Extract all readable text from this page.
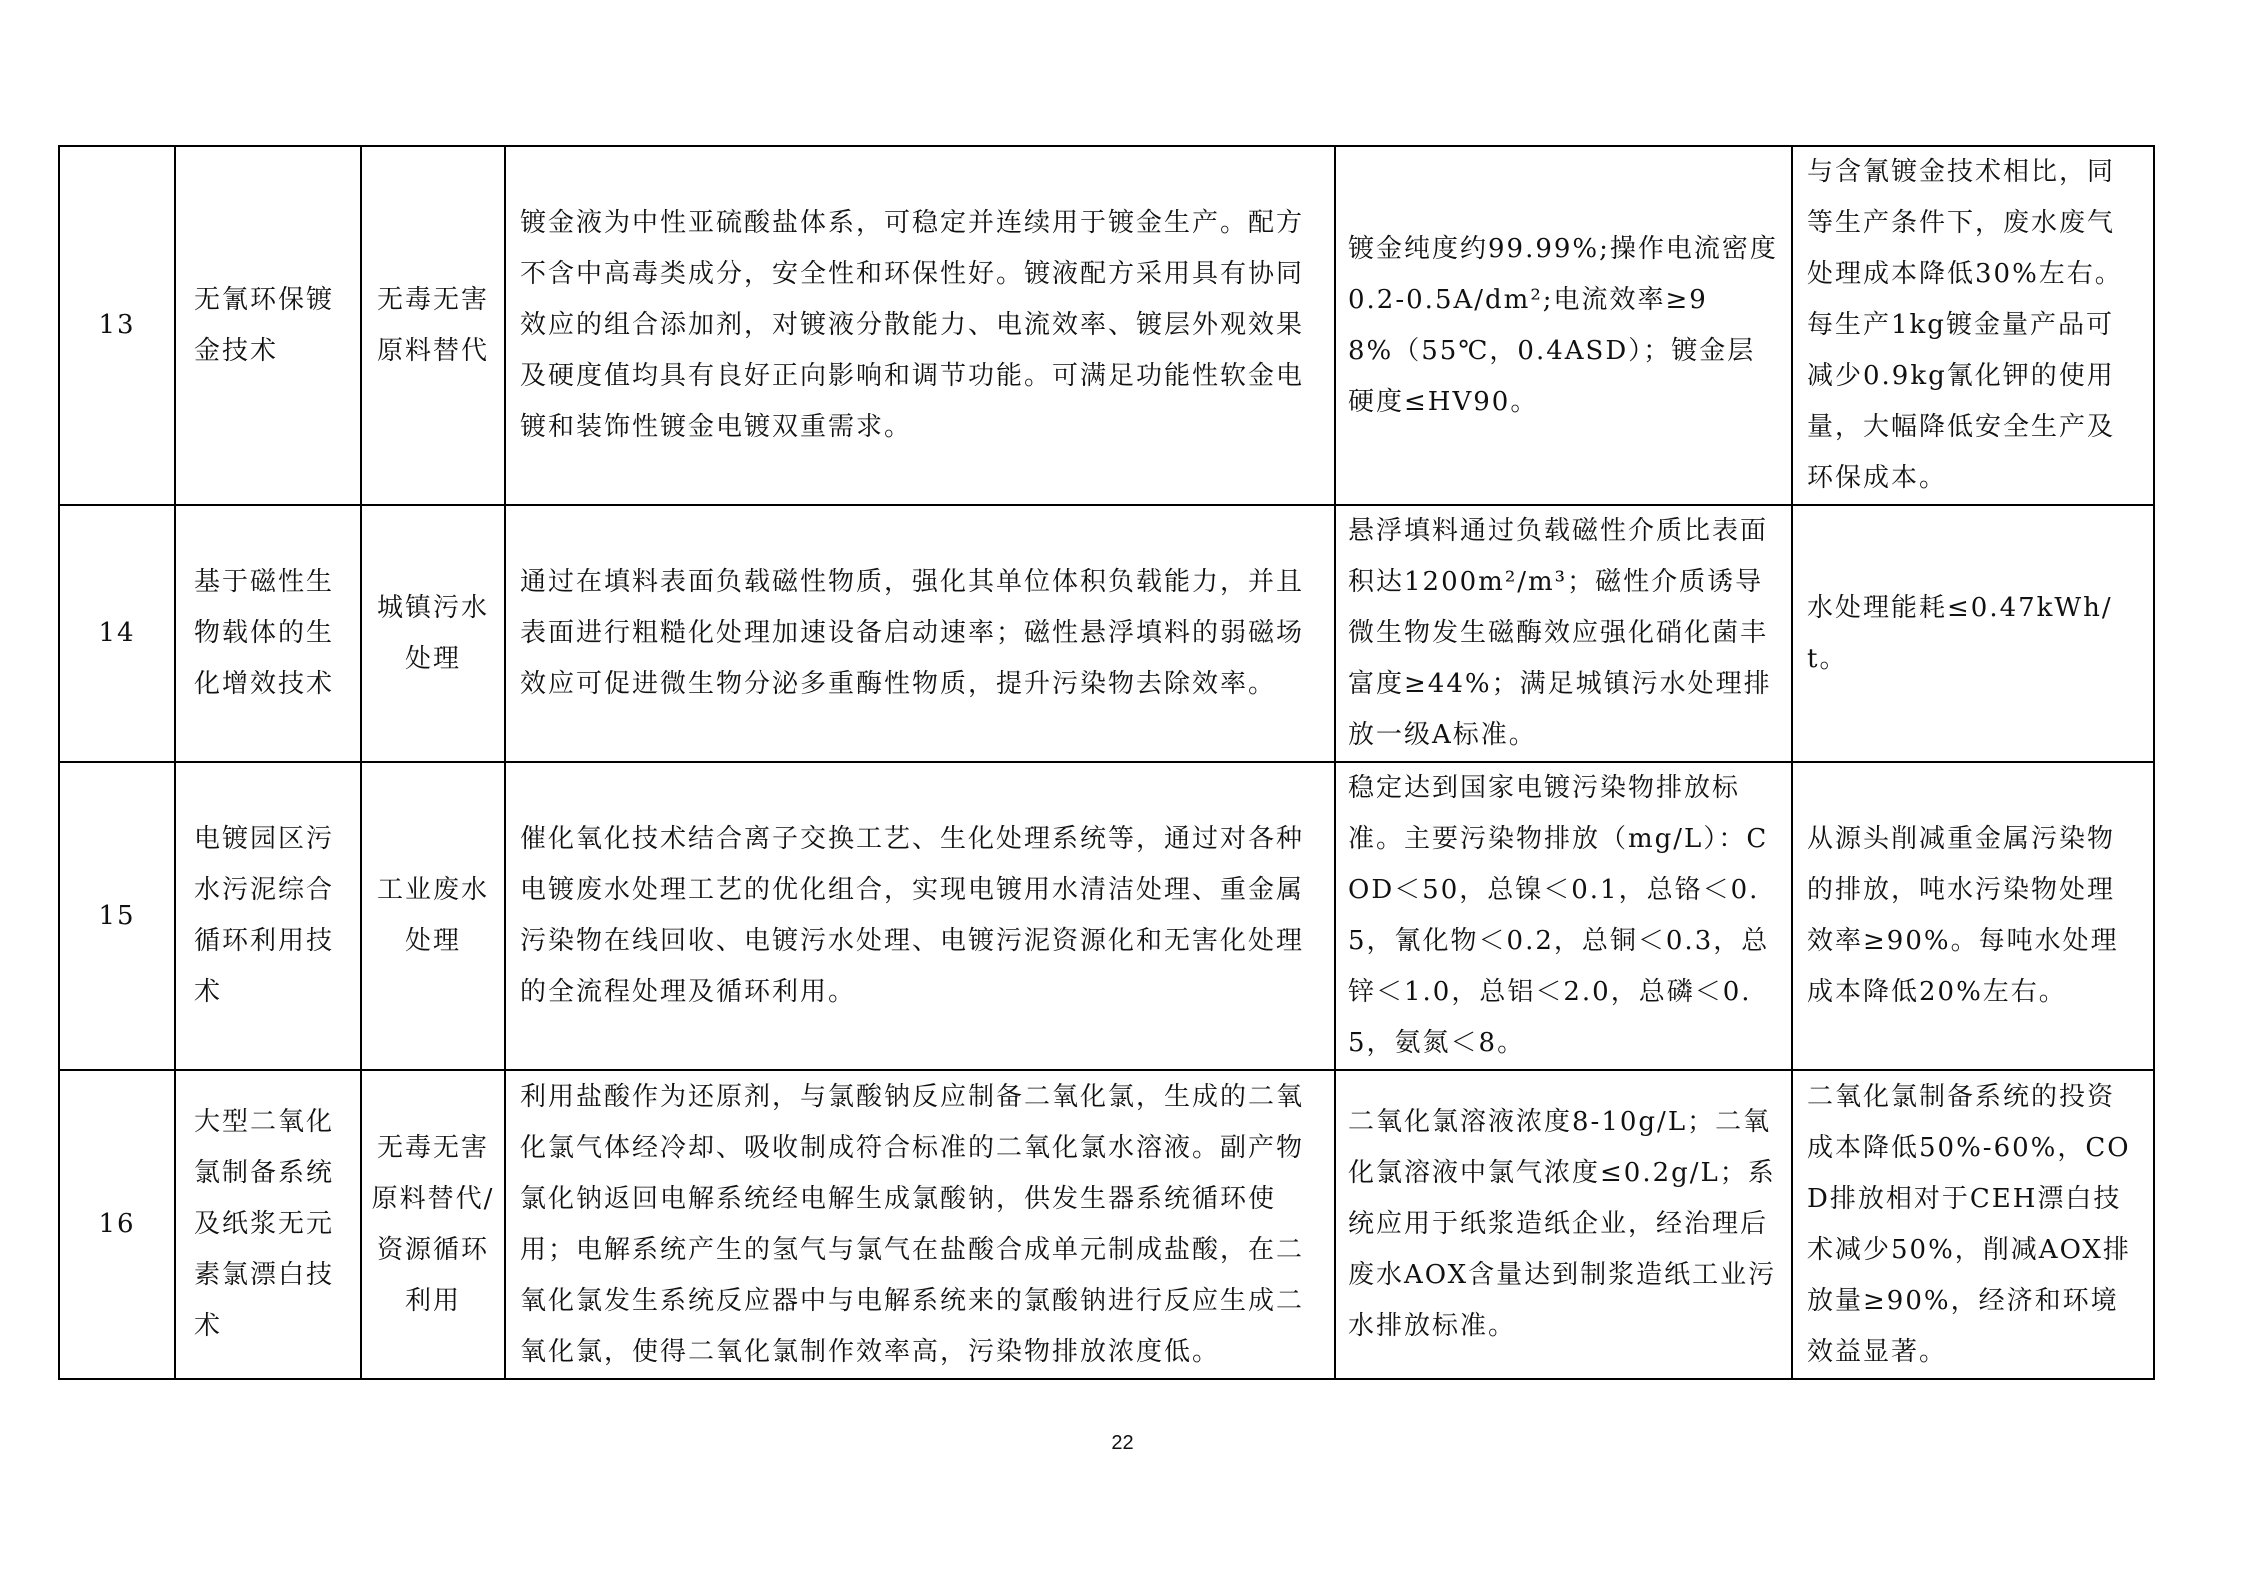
13	无氰环保镀金技术	无毒无害原料替代	镀金液为中性亚硫酸盐体系，可稳定并连续用于镀金生产。配方不含中高毒类成分，安全性和环保性好。镀液配方采用具有协同效应的组合添加剂，对镀液分散能力、电流效率、镀层外观效果及硬度值均具有良好正向影响和调节功能。可满足功能性软金电镀和装饰性镀金电镀双重需求。	镀金纯度约99.99%;操作电流密度0.2-0.5A/dm²;电流效率≥98%（55℃，0.4ASD）；镀金层硬度≤HV90。	与含氰镀金技术相比，同等生产条件下，废水废气处理成本降低30%左右。每生产1kg镀金量产品可减少0.9kg氰化钾的使用量，大幅降低安全生产及环保成本。
14	基于磁性生物载体的生化增效技术	城镇污水处理	通过在填料表面负载磁性物质，强化其单位体积负载能力，并且表面进行粗糙化处理加速设备启动速率；磁性悬浮填料的弱磁场效应可促进微生物分泌多重酶性物质，提升污染物去除效率。	悬浮填料通过负载磁性介质比表面积达1200m²/m³；磁性介质诱导微生物发生磁酶效应强化硝化菌丰富度≥44%；满足城镇污水处理排放一级A标准。	水处理能耗≤0.47kWh/t。
15	电镀园区污水污泥综合循环利用技术	工业废水处理	催化氧化技术结合离子交换工艺、生化处理系统等，通过对各种电镀废水处理工艺的优化组合，实现电镀用水清洁处理、重金属污染物在线回收、电镀污水处理、电镀污泥资源化和无害化处理的全流程处理及循环利用。	稳定达到国家电镀污染物排放标准。主要污染物排放（mg/L）：COD＜50，总镍＜0.1，总铬＜0.5，氰化物＜0.2，总铜＜0.3，总锌＜1.0，总铝＜2.0，总磷＜0.5，氨氮＜8。	从源头削减重金属污染物的排放，吨水污染物处理效率≥90%。每吨水处理成本降低20%左右。
16	大型二氧化氯制备系统及纸浆无元素氯漂白技术	无毒无害原料替代/资源循环利用	利用盐酸作为还原剂，与氯酸钠反应制备二氧化氯，生成的二氧化氯气体经冷却、吸收制成符合标准的二氧化氯水溶液。副产物氯化钠返回电解系统经电解生成氯酸钠，供发生器系统循环使用；电解系统产生的氢气与氯气在盐酸合成单元制成盐酸，在二氧化氯发生系统反应器中与电解系统来的氯酸钠进行反应生成二氧化氯，使得二氧化氯制作效率高，污染物排放浓度低。	二氧化氯溶液浓度8-10g/L；二氧化氯溶液中氯气浓度≤0.2g/L；系统应用于纸浆造纸企业，经治理后废水AOX含量达到制浆造纸工业污水排放标准。	二氧化氯制备系统的投资成本降低50%-60%，COD排放相对于CEH漂白技术减少50%，削减AOX排放量≥90%，经济和环境效益显著。
22
